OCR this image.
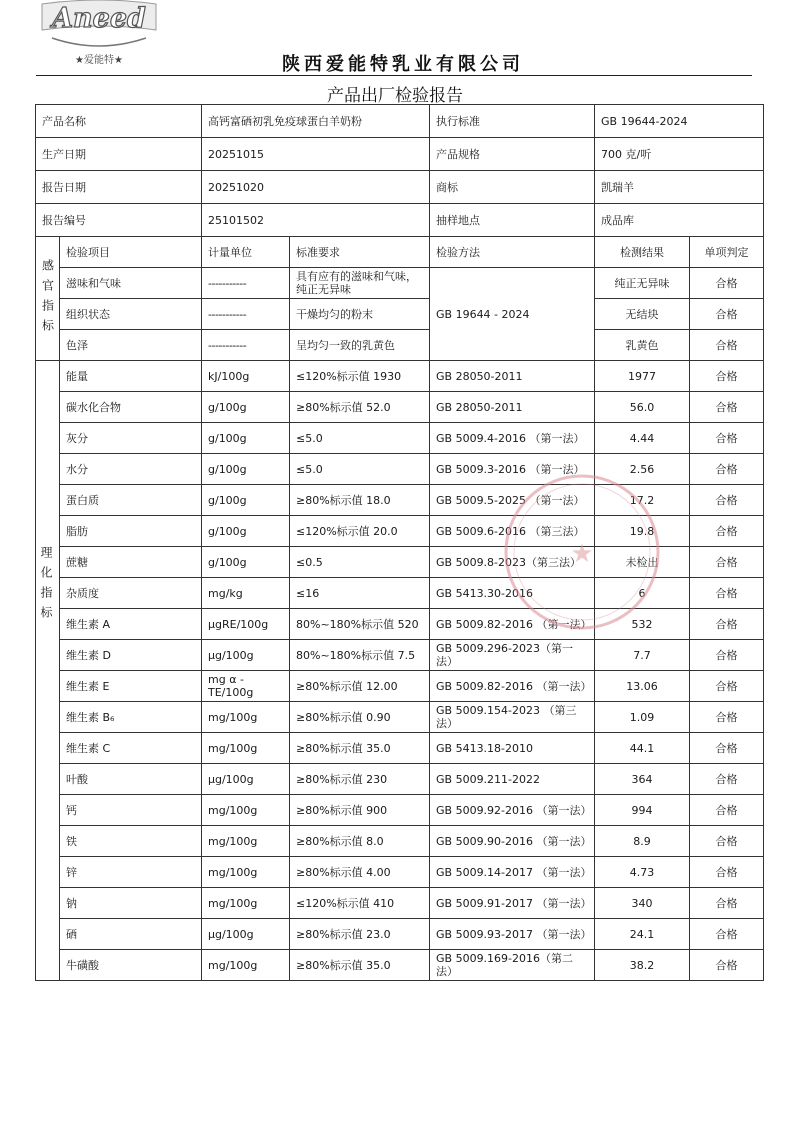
Aneed
★爱能特★	陕西爱能特乳业有限公司
产品出厂检验报告
产品名称		高钙富硒初乳免疫球蛋白羊奶粉		执行标准	GB 19644-2024	
生产日期		20251015		产品规格	700 克/听	
报告日期		20251020		商标	凯瑞羊	
报告编号		25101502		抽样地点	成品库	
感官指标	检验项目	计量单位	标准要求	检验方法	检测结果	单项判定
	滋味和气味	-----------	具有应有的滋味和气味，纯正无异味	GB 19644 - 2024	纯正无异味	合格
	组织状态	-----------	干燥均匀的粉末		无结块	合格
	色泽	-----------	呈均匀一致的乳黄色		乳黄色	合格
理化指标	能量	kJ/100g	≤120%标示值 1930	GB 28050-2011	1977	合格
	碳水化合物	g/100g	≥80%标示值 52.0	GB 28050-2011	56.0	合格
	灰分	g/100g	≤5.0	GB 5009.4-2016 （第一法）	4.44	合格
	水分	g/100g	≤5.0	GB 5009.3-2016 （第一法）	2.56	合格
	蛋白质	g/100g	≥80%标示值 18.0	GB 5009.5-2025 （第一法）	17.2	合格
	脂肪	g/100g	≤120%标示值 20.0	GB 5009.6-2016 （第三法）	19.8	合格
	蔗糖	g/100g	≤0.5	GB 5009.8-2023（第三法）	未检出	合格
	杂质度	mg/kg	≤16	GB 5413.30-2016	6	合格
	维生素 A	μgRE/100g	80%~180%标示值 520	GB 5009.82-2016 （第一法）	532	合格
	维生素 D	μg/100g	80%~180%标示值 7.5	GB 5009.296-2023（第一法）	7.7	合格
	维生素 E	mg α -TE/100g	≥80%标示值 12.00	GB 5009.82-2016 （第一法）	13.06	合格
	维生素 B₆	mg/100g	≥80%标示值 0.90	GB 5009.154-2023 （第三法）	1.09	合格
	维生素 C	mg/100g	≥80%标示值 35.0	GB 5413.18-2010	44.1	合格
	叶酸	μg/100g	≥80%标示值 230	GB 5009.211-2022	364	合格
	钙	mg/100g	≥80%标示值 900	GB 5009.92-2016 （第一法）	994	合格
	铁	mg/100g	≥80%标示值 8.0	GB 5009.90-2016 （第一法）	8.9	合格
	锌	mg/100g	≥80%标示值 4.00	GB 5009.14-2017 （第一法）	4.73	合格
	钠	mg/100g	≤120%标示值 410	GB 5009.91-2017 （第一法）	340	合格
	硒	μg/100g	≥80%标示值 23.0	GB 5009.93-2017 （第一法）	24.1	合格
	牛磺酸	mg/100g	≥80%标示值 35.0	GB 5009.169-2016（第二法）	38.2	合格
★
